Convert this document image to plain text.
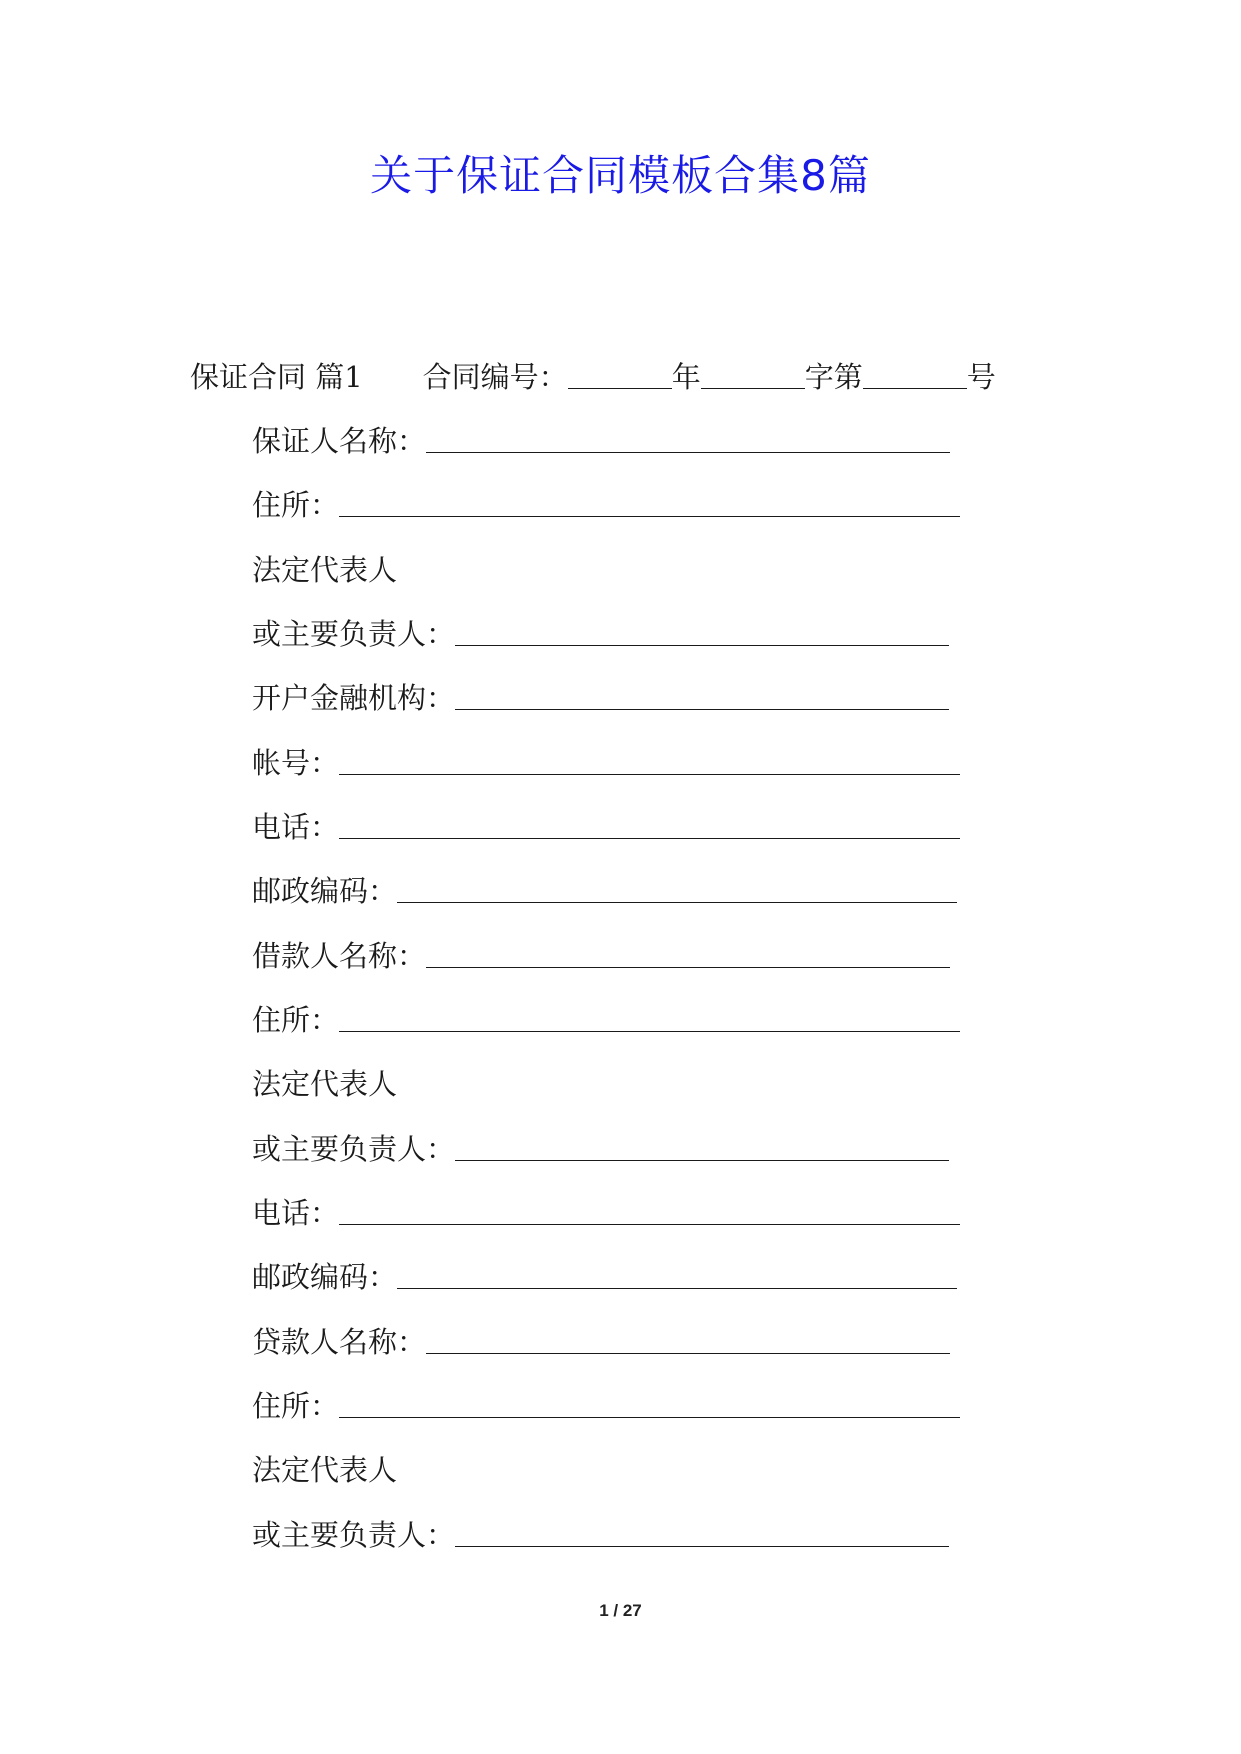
关于保证合同模板合集8篇
保证合同 篇1 合同编号：	年	字第	号
保证人名称：
住所：
法定代表人
或主要负责人：
开户金融机构：
帐号：
电话：
邮政编码：
借款人名称：
住所：
法定代表人
或主要负责人：
电话：
邮政编码：
贷款人名称：
住所：
法定代表人
或主要负责人：
1 / 27
